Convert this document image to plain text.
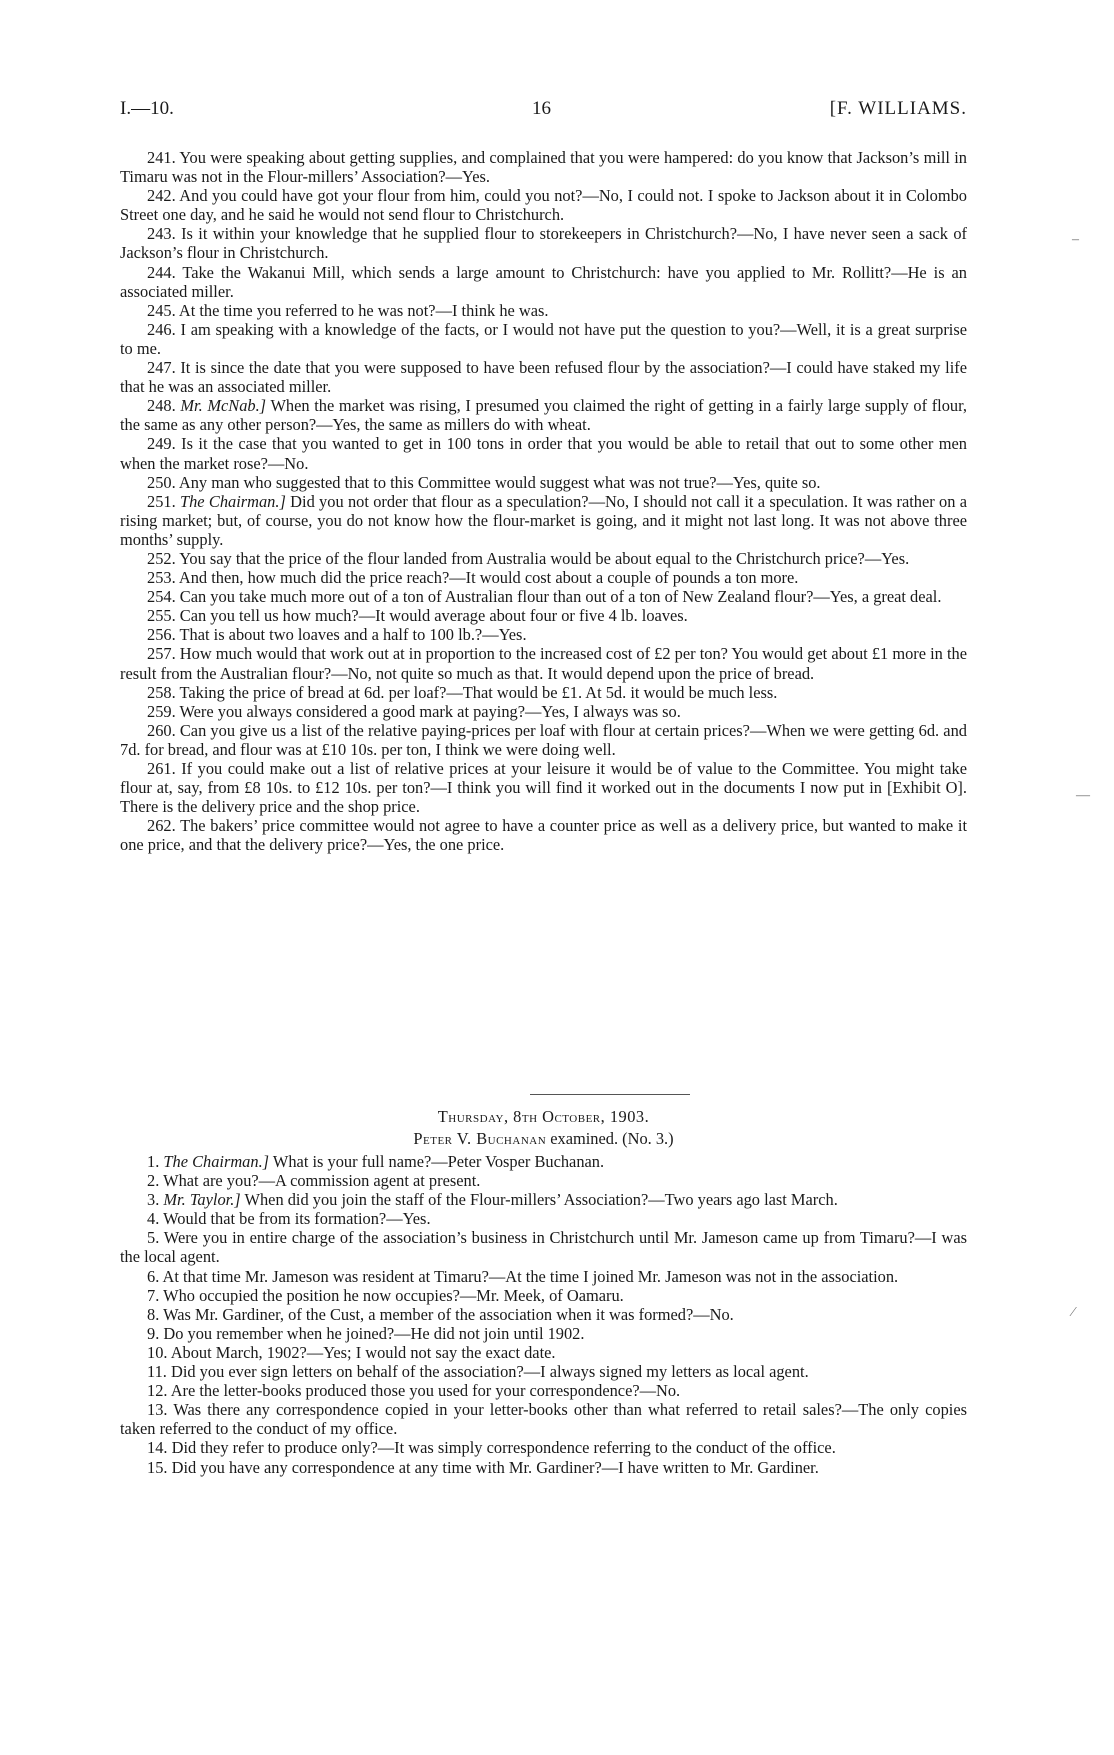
I.—10.	16	[F. WILLIAMS.

241. You were speaking about getting supplies, and complained that you were hampered: do you know that Jackson’s mill in Timaru was not in the Flour-millers’ Association?—Yes.

242. And you could have got your flour from him, could you not?—No, I could not. I spoke to Jackson about it in Colombo Street one day, and he said he would not send flour to Christchurch.

243. Is it within your knowledge that he supplied flour to storekeepers in Christchurch?—No, I have never seen a sack of Jackson’s flour in Christchurch.

244. Take the Wakanui Mill, which sends a large amount to Christchurch: have you applied to Mr. Rollitt?—He is an associated miller.

245. At the time you referred to he was not?—I think he was.

246. I am speaking with a knowledge of the facts, or I would not have put the question to you?—Well, it is a great surprise to me.

247. It is since the date that you were supposed to have been refused flour by the association?—I could have staked my life that he was an associated miller.

248. Mr. McNab.] When the market was rising, I presumed you claimed the right of getting in a fairly large supply of flour, the same as any other person?—Yes, the same as millers do with wheat.

249. Is it the case that you wanted to get in 100 tons in order that you would be able to retail that out to some other men when the market rose?—No.

250. Any man who suggested that to this Committee would suggest what was not true?—Yes, quite so.

251. The Chairman.] Did you not order that flour as a speculation?—No, I should not call it a speculation. It was rather on a rising market; but, of course, you do not know how the flour-market is going, and it might not last long. It was not above three months’ supply.

252. You say that the price of the flour landed from Australia would be about equal to the Christchurch price?—Yes.

253. And then, how much did the price reach?—It would cost about a couple of pounds a ton more.

254. Can you take much more out of a ton of Australian flour than out of a ton of New Zealand flour?—Yes, a great deal.

255. Can you tell us how much?—It would average about four or five 4 lb. loaves.

256. That is about two loaves and a half to 100 lb.?—Yes.

257. How much would that work out at in proportion to the increased cost of £2 per ton? You would get about £1 more in the result from the Australian flour?—No, not quite so much as that. It would depend upon the price of bread.

258. Taking the price of bread at 6d. per loaf?—That would be £1. At 5d. it would be much less.

259. Were you always considered a good mark at paying?—Yes, I always was so.

260. Can you give us a list of the relative paying-prices per loaf with flour at certain prices?—When we were getting 6d. and 7d. for bread, and flour was at £10 10s. per ton, I think we were doing well.

261. If you could make out a list of relative prices at your leisure it would be of value to the Committee. You might take flour at, say, from £8 10s. to £12 10s. per ton?—I think you will find it worked out in the documents I now put in [Exhibit O]. There is the delivery price and the shop price.

262. The bakers’ price committee would not agree to have a counter price as well as a delivery price, but wanted to make it one price, and that the delivery price?—Yes, the one price.

Thursday, 8th October, 1903.
Peter V. Buchanan examined. (No. 3.)

1. The Chairman.] What is your full name?—Peter Vosper Buchanan.

2. What are you?—A commission agent at present.

3. Mr. Taylor.] When did you join the staff of the Flour-millers’ Association?—Two years ago last March.

4. Would that be from its formation?—Yes.

5. Were you in entire charge of the association’s business in Christchurch until Mr. Jameson came up from Timaru?—I was the local agent.

6. At that time Mr. Jameson was resident at Timaru?—At the time I joined Mr. Jameson was not in the association.

7. Who occupied the position he now occupies?—Mr. Meek, of Oamaru.

8. Was Mr. Gardiner, of the Cust, a member of the association when it was formed?—No.

9. Do you remember when he joined?—He did not join until 1902.

10. About March, 1902?—Yes; I would not say the exact date.

11. Did you ever sign letters on behalf of the association?—I always signed my letters as local agent.

12. Are the letter-books produced those you used for your correspondence?—No.

13. Was there any correspondence copied in your letter-books other than what referred to retail sales?—The only copies taken referred to the conduct of my office.

14. Did they refer to produce only?—It was simply correspondence referring to the conduct of the office.

15. Did you have any correspondence at any time with Mr. Gardiner?—I have written to Mr. Gardiner.

–
—
⁄
